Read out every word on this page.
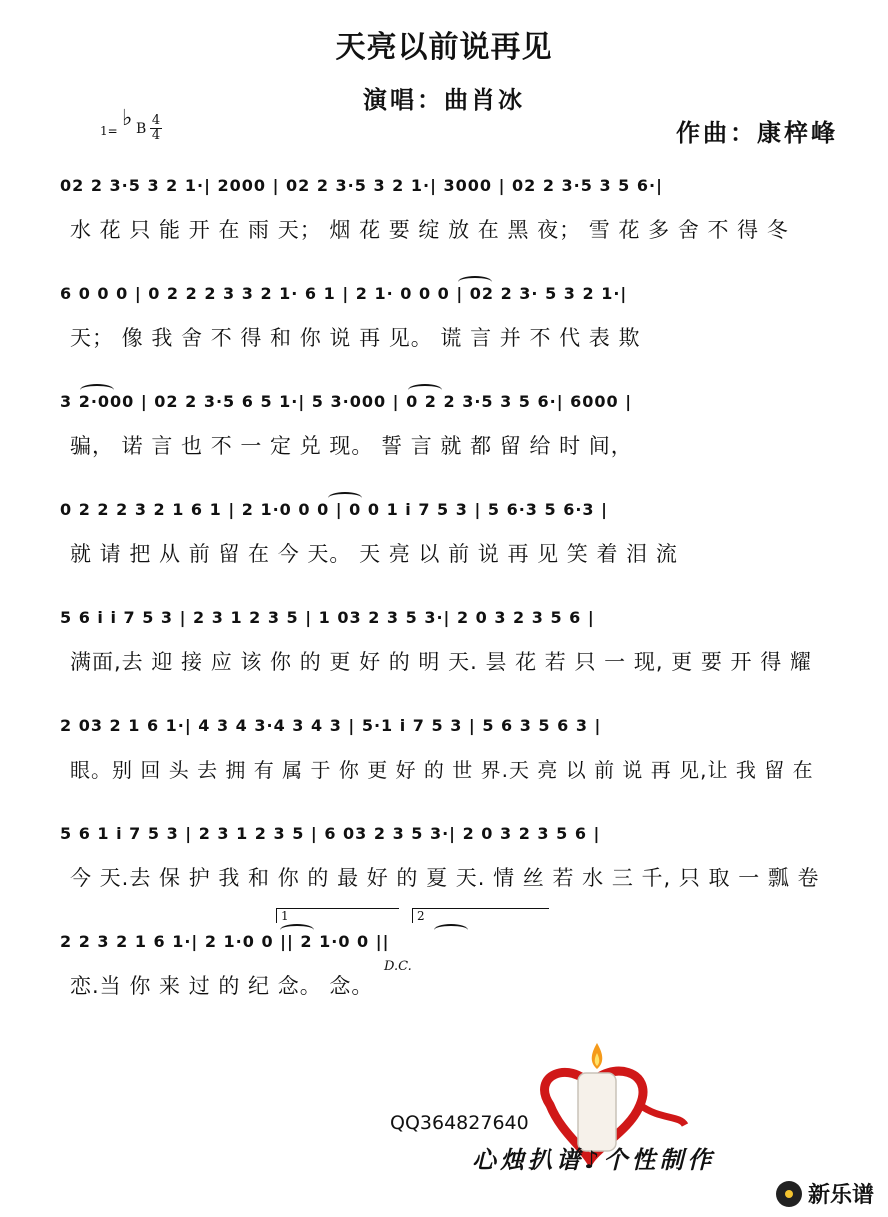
天亮以前说再见
演唱：曲肖冰
1= ♭ B
4
4	作曲：康梓峰
02 2 3·5 3 2 1·| 2000 | 02 2 3·5 3 2 1·| 3000 | 02 2 3·5 3 5 6·|
水 花 只 能 开 在 雨 天； 烟 花 要 绽 放 在 黑 夜； 雪 花 多 舍 不 得 冬
6 0 0 0 | 0 2 2 2 3 3 2 1· 6 1 | 2 1· 0 0 0 | 02 2 3· 5 3 2 1·|
天； 像 我 舍 不 得 和 你 说 再 见。 谎 言 并 不 代 表 欺
3 2·000 | 02 2 3·5 6 5 1·| 5 3·000 | 0 2 2 3·5 3 5 6·| 6000 |
骗， 诺 言 也 不 一 定 兑 现。 誓 言 就 都 留 给 时 间，
0 2 2 2 3 2 1 6 1 | 2 1·0 0 0 | 0 0 1 i 7 5 3 | 5 6·3 5 6·3 |
就 请 把 从 前 留 在 今 天。 天 亮 以 前 说 再 见 笑 着 泪 流
5 6 i i 7 5 3 | 2 3 1 2 3 5 | 1 03 2 3 5 3·| 2 0 3 2 3 5 6 |
满面,去 迎 接 应 该 你 的 更 好 的 明 天. 昙 花 若 只 一 现, 更 要 开 得 耀
2 03 2 1 6 1·| 4 3 4 3·4 3 4 3 | 5·1 i 7 5 3 | 5 6 3 5 6 3 |
眼。别 回 头 去 拥 有 属 于 你 更 好 的 世 界.天 亮 以 前 说 再 见,让 我 留 在
5 6 1 i 7 5 3 | 2 3 1 2 3 5 | 6 03 2 3 5 3·| 2 0 3 2 3 5 6 |
今 天.去 保 护 我 和 你 的 最 好 的 夏 天. 情 丝 若 水 三 千, 只 取 一 瓢 卷
2 2 3 2 1 6 1·| 2 1·0 0 || 2 1·0 0 ||
1	2
恋.当 你 来 过 的 纪 念。 念。
D.C.
QQ364827640
心烛扒谱♪个性制作
新乐谱
